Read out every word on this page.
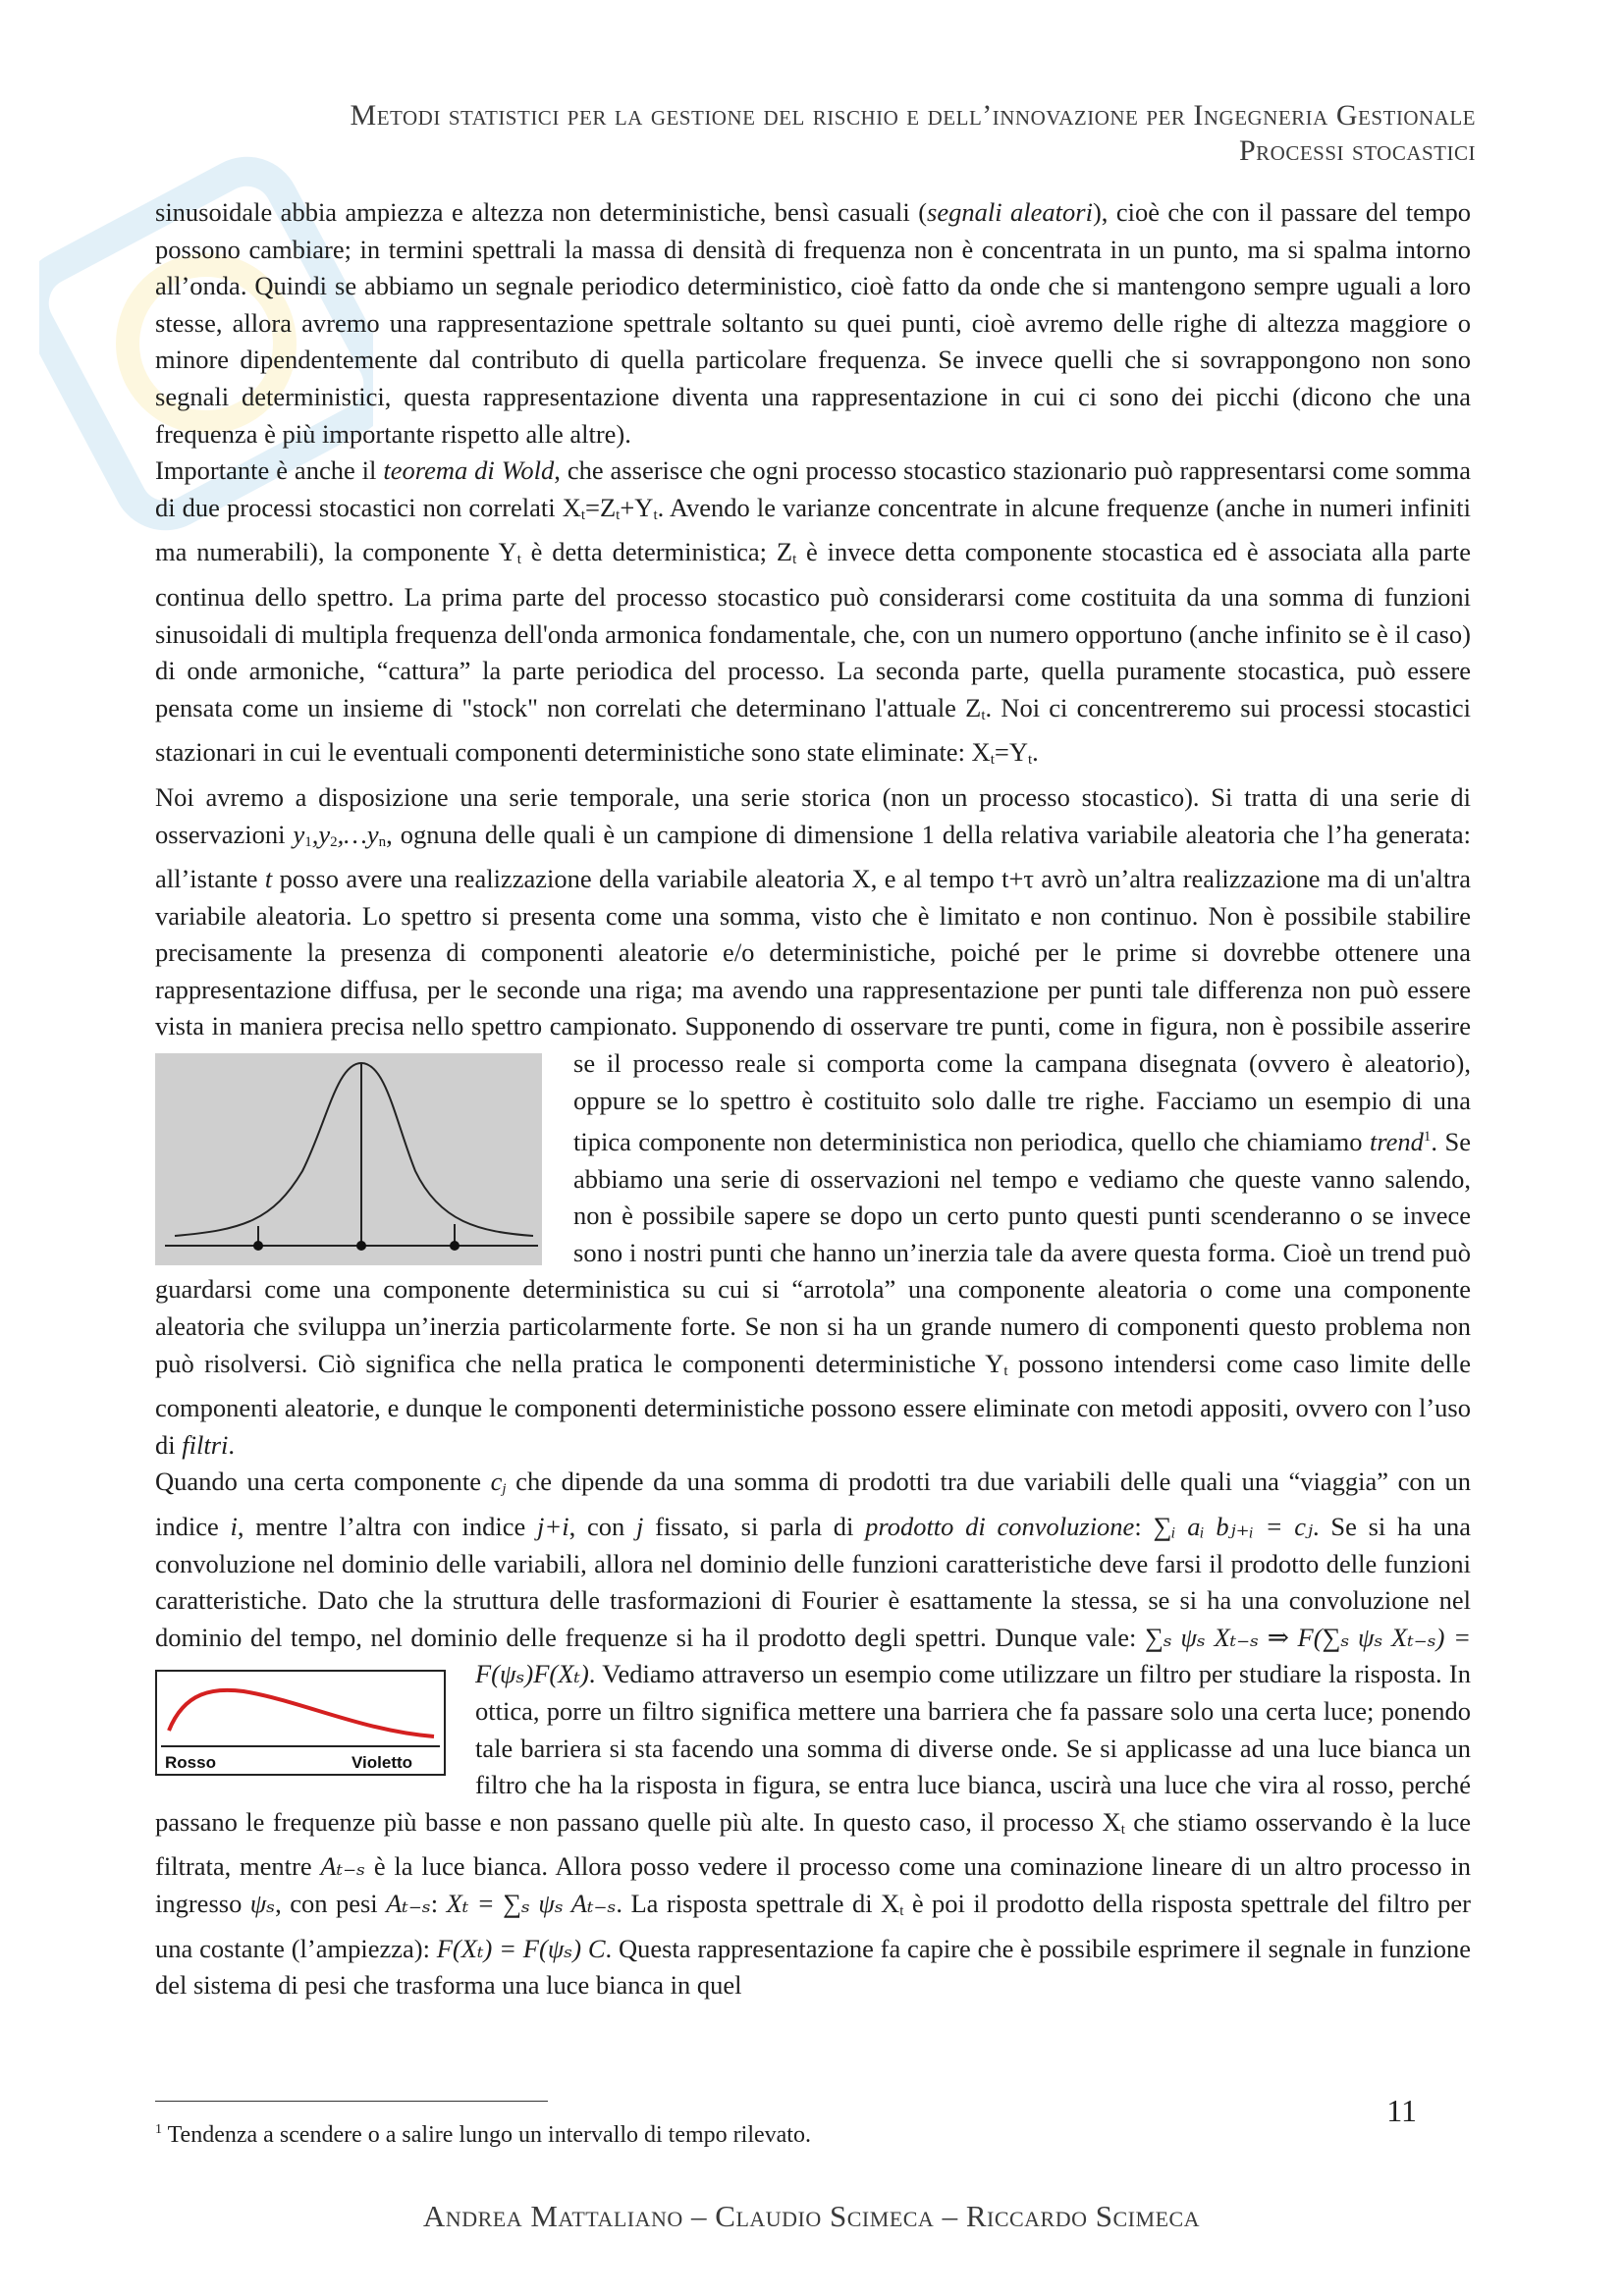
Metodi statistici per la gestione del rischio e dell’innovazione per Ingegneria Gestionale
Processi stocastici

sinusoidale abbia ampiezza e altezza non deterministiche, bensì casuali (segnali aleatori), cioè che con il passare del tempo possono cambiare; in termini spettrali la massa di densità di frequenza non è concentrata in un punto, ma si spalma intorno all’onda. Quindi se abbiamo un segnale periodico deterministico, cioè fatto da onde che si mantengono sempre uguali a loro stesse, allora avremo una rappresentazione spettrale soltanto su quei punti, cioè avremo delle righe di altezza maggiore o minore dipendentemente dal contributo di quella particolare frequenza. Se invece quelli che si sovrappongono non sono segnali deterministici, questa rappresentazione diventa una rappresentazione in cui ci sono dei picchi (dicono che una frequenza è più importante rispetto alle altre).

Importante è anche il teorema di Wold, che asserisce che ogni processo stocastico stazionario può rappresentarsi come somma di due processi stocastici non correlati $X_t=Z_t+Y_t$. Avendo le varianze concentrate in alcune frequenze (anche in numeri infiniti ma numerabili), la componente $Y_t$ è detta deterministica; $Z_t$ è invece detta componente stocastica ed è associata alla parte continua dello spettro. La prima parte del processo stocastico può considerarsi come costituita da una somma di funzioni sinusoidali di multipla frequenza dell'onda armonica fondamentale, che, con un numero opportuno (anche infinito se è il caso) di onde armoniche, “cattura” la parte periodica del processo. La seconda parte, quella puramente stocastica, può essere pensata come un insieme di "stock" non correlati che determinano l'attuale $Z_t$. Noi ci concentreremo sui processi stocastici stazionari in cui le eventuali componenti deterministiche sono state eliminate: $X_t=Y_t$.

Noi avremo a disposizione una serie temporale, una serie storica (non un processo stocastico). Si tratta di una serie di osservazioni $y_1,y_2,\dots y_n$, ognuna delle quali è un campione di dimensione 1 della relativa variabile aleatoria che l’ha generata: all’istante t posso avere una realizzazione della variabile aleatoria X, e al tempo t+τ avrò un’altra realizzazione ma di un'altra variabile aleatoria. Lo spettro si presenta come una somma, visto che è limitato e non continuo. Non è possibile stabilire precisamente la presenza di componenti aleatorie e/o deterministiche, poiché per le prime si dovrebbe ottenere una rappresentazione diffusa, per le seconde una riga; ma avendo una rappresentazione per punti tale differenza non può essere vista in maniera precisa nello spettro campionato. Supponendo di osservare tre punti, come in figura, non è possibile asserire se il processo
reale si comporta come la campana disegnata (ovvero è aleatorio), oppure se lo spettro è costituito solo dalle tre righe. Facciamo un esempio di una tipica componente non deterministica non periodica, quello che chiamiamo trend$^1$. Se abbiamo una serie di osservazioni nel tempo e vediamo che queste vanno salendo, non è possibile sapere se dopo un certo punto questi punti scenderanno o se invece sono i nostri punti che hanno un’inerzia tale da avere questa forma. Cioè un trend può guardarsi come una componente deterministica su cui si “arrotola” una componente aleatoria o come una componente aleatoria che sviluppa un’inerzia particolarmente forte. Se non si ha un grande numero di componenti questo problema non può risolversi. Ciò significa che nella pratica le componenti deterministiche $Y_t$ possono intendersi come caso limite delle componenti aleatorie, e dunque le componenti deterministiche possono essere eliminate con metodi appositi, ovvero con l’uso di filtri.

Quando una certa componente $c_j$ che dipende da una somma di prodotti tra due variabili delle quali una “viaggia” con un indice i, mentre l’altra con indice j+i, con j fissato, si parla di prodotto di convoluzione: ∑ᵢ aᵢ bⱼ₊ᵢ = cⱼ. Se si ha una convoluzione nel dominio delle variabili, allora nel dominio delle funzioni caratteristiche deve farsi il prodotto delle funzioni caratteristiche. Dato che la struttura delle trasformazioni di Fourier è esattamente la stessa, se si ha una convoluzione nel dominio del tempo, nel dominio delle frequenze si ha il prodotto degli spettri. Dunque vale: ∑ₛ ψₛ Xₜ₋ₛ ⇒ F(∑ₛ ψₛ Xₜ₋ₛ) = F(ψₛ)F(Xₜ). Vediamo attraverso un
Rosso	Violetto
esempio come utilizzare un filtro per studiare la risposta. In ottica, porre un filtro significa mettere una barriera che fa passare solo una certa luce; ponendo tale barriera si sta facendo una somma di diverse onde. Se si applicasse ad una luce bianca un filtro che ha la risposta in figura, se entra luce bianca, uscirà una luce che vira al rosso, perché passano le frequenze più basse e non passano quelle più alte. In questo caso, il processo $X_t$ che stiamo osservando è la luce filtrata, mentre Aₜ₋ₛ è la luce bianca. Allora posso vedere il processo come una cominazione lineare di un altro processo in ingresso ψₛ, con pesi Aₜ₋ₛ: Xₜ = ∑ₛ ψₛ Aₜ₋ₛ. La risposta spettrale di $X_t$ è poi il prodotto della risposta spettrale del filtro per una costante (l’ampiezza): F(Xₜ) = F(ψₛ) C. Questa rappresentazione fa capire che è possibile esprimere il segnale in funzione del sistema di pesi che trasforma una luce bianca in quel

$^1$ Tendenza a scendere o a salire lungo un intervallo di tempo rilevato.
11
Andrea Mattaliano – Claudio Scimeca – Riccardo Scimeca
